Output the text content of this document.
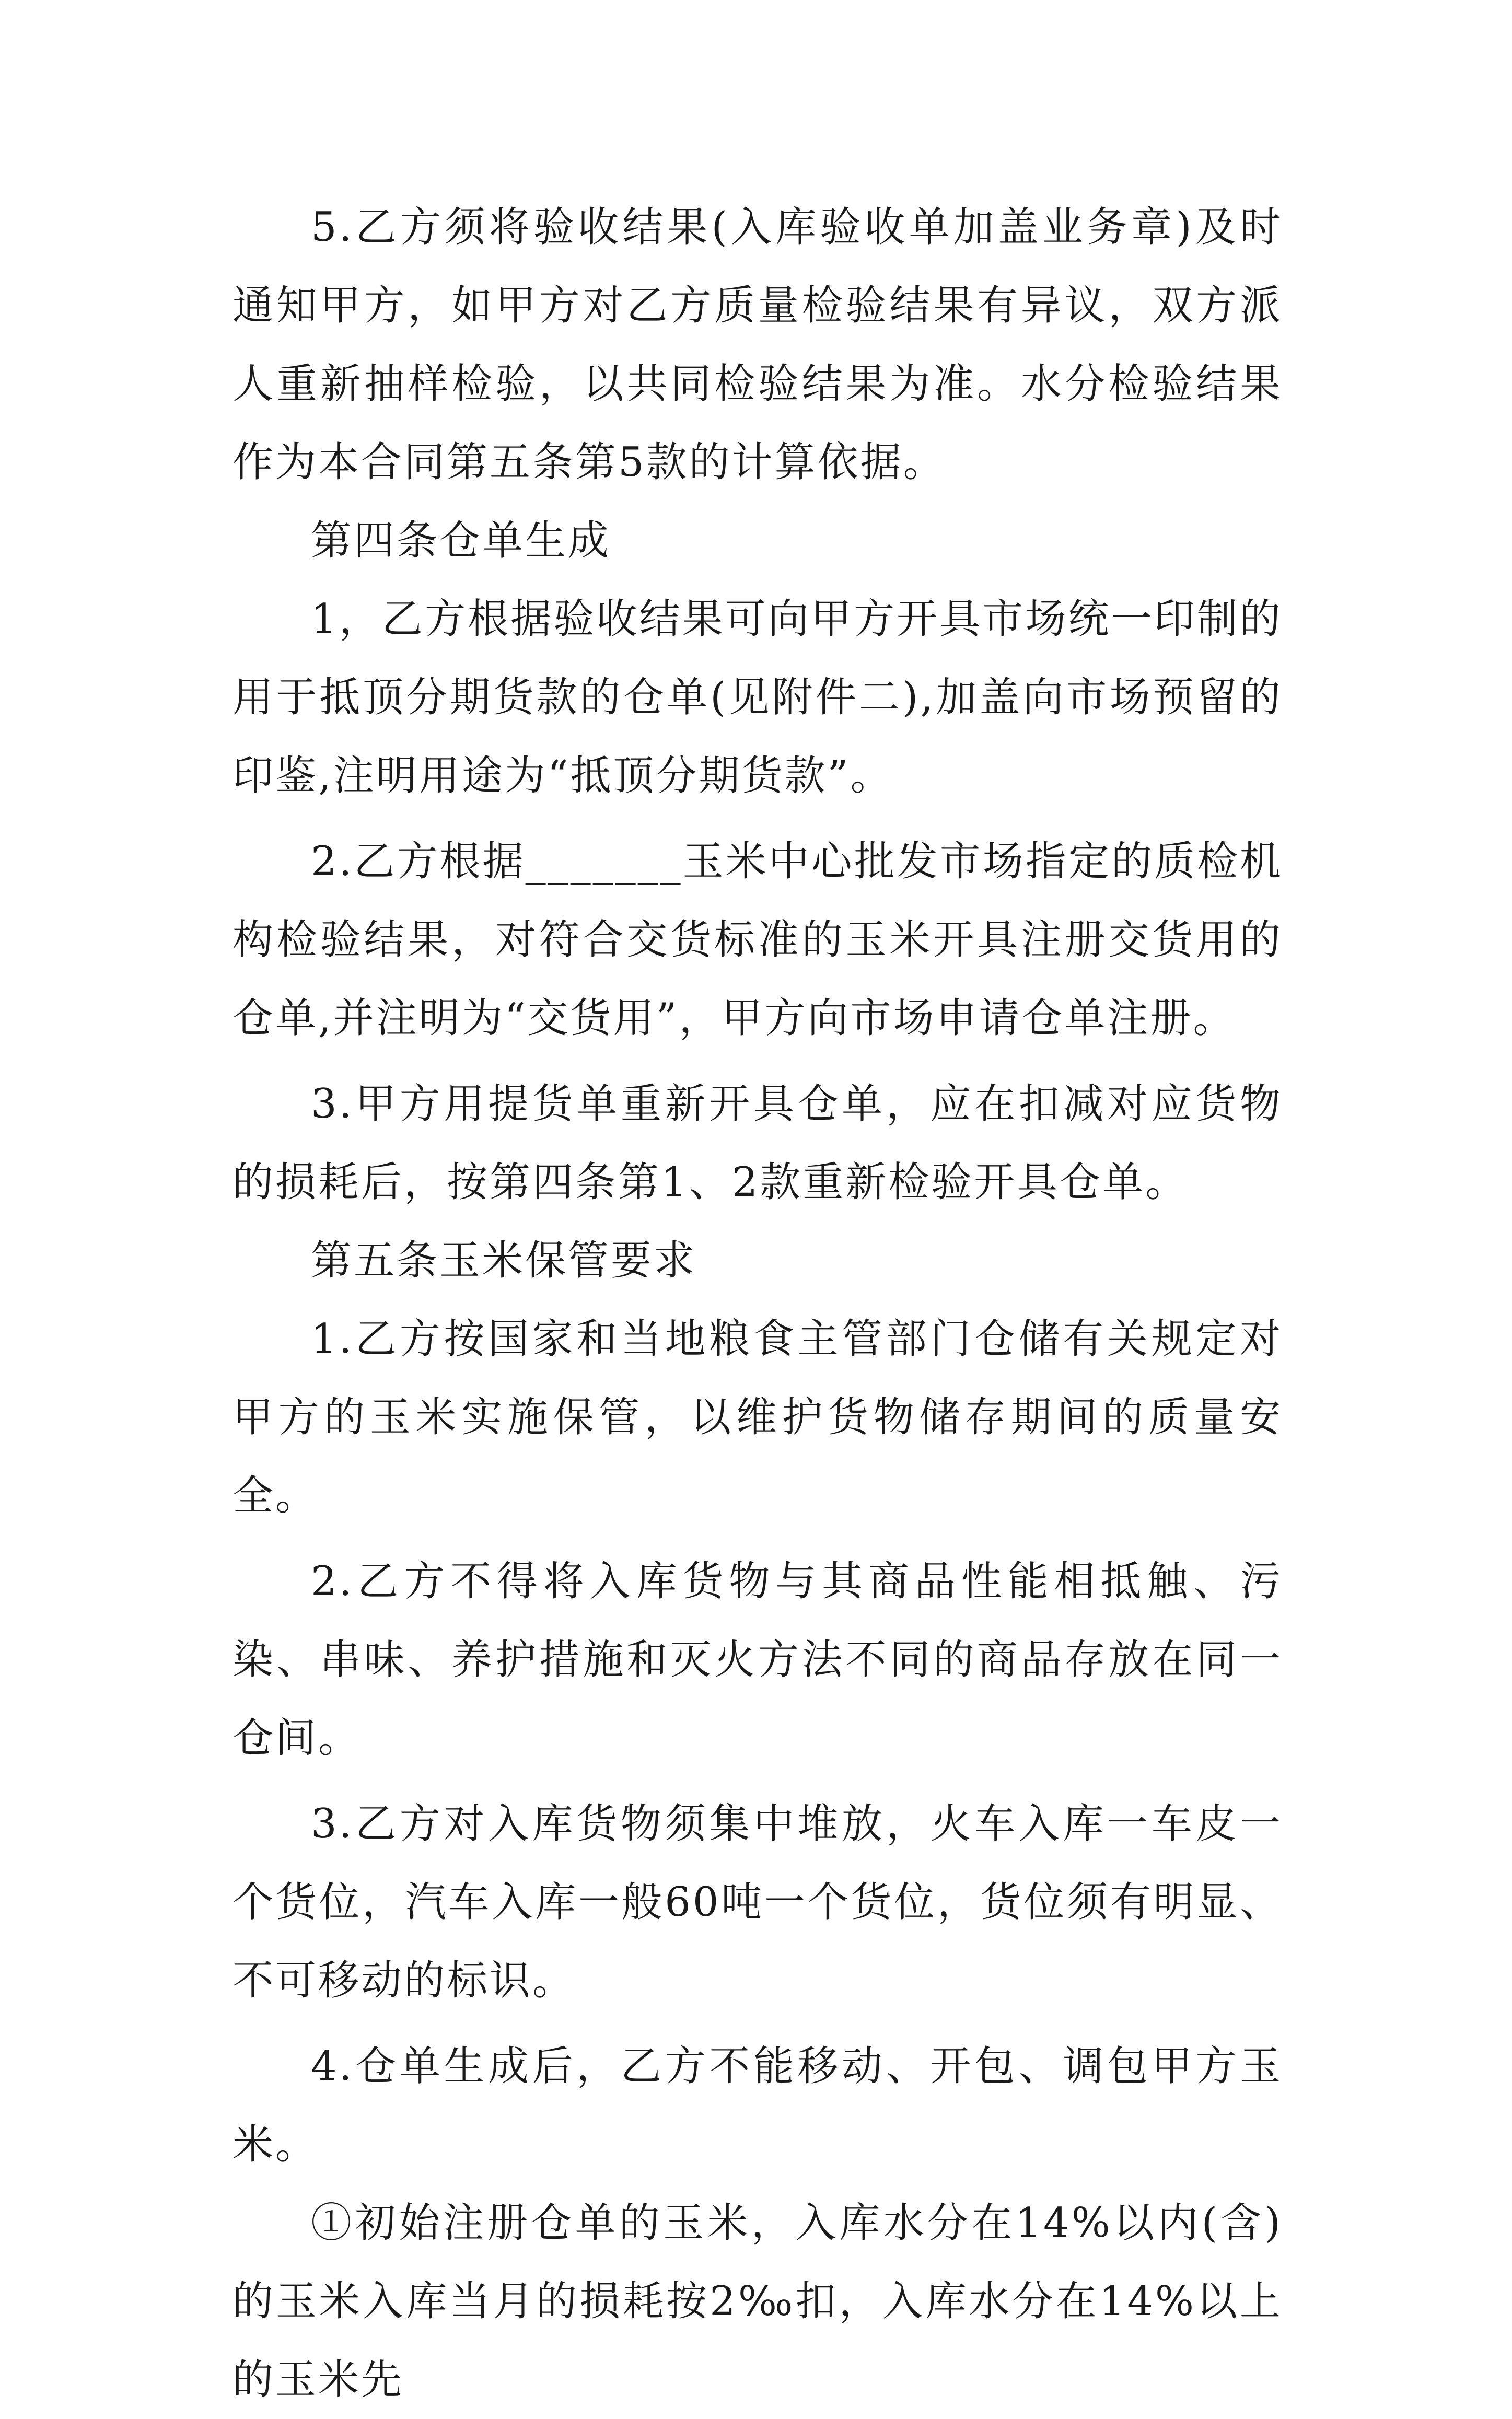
5.乙方须将验收结果(入库验收单加盖业务章)及时通知甲方，如甲方对乙方质量检验结果有异议，双方派人重新抽样检验，以共同检验结果为准。水分检验结果作为本合同第五条第5款的计算依据。

第四条仓单生成

1，乙方根据验收结果可向甲方开具市场统一印制的用于抵顶分期货款的仓单(见附件二),加盖向市场预留的印鉴,注明用途为“抵顶分期货款”。

2.乙方根据_______玉米中心批发市场指定的质检机构检验结果，对符合交货标准的玉米开具注册交货用的仓单,并注明为“交货用”，甲方向市场申请仓单注册。

3.甲方用提货单重新开具仓单，应在扣减对应货物的损耗后，按第四条第1、2款重新检验开具仓单。

第五条玉米保管要求

1.乙方按国家和当地粮食主管部门仓储有关规定对甲方的玉米实施保管，以维护货物储存期间的质量安全。

2.乙方不得将入库货物与其商品性能相抵触、污染、串味、养护措施和灭火方法不同的商品存放在同一仓间。

3.乙方对入库货物须集中堆放，火车入库一车皮一个货位，汽车入库一般60吨一个货位，货位须有明显、不可移动的标识。

4.仓单生成后，乙方不能移动、开包、调包甲方玉米。

①初始注册仓单的玉米，入库水分在14%以内(含)的玉米入库当月的损耗按2‰扣，入库水分在14%以上的玉米先
